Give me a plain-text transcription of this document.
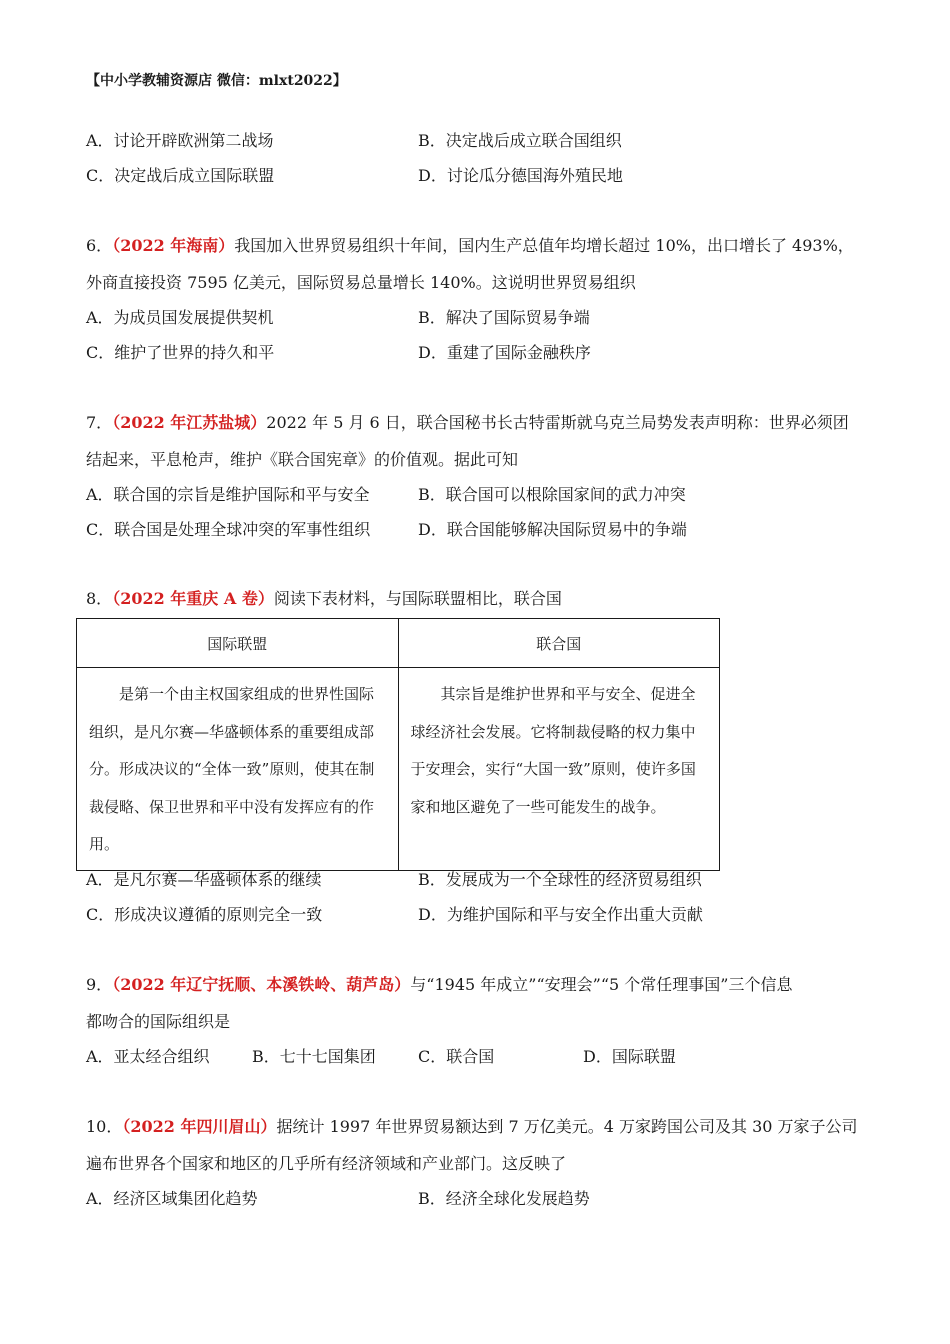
【中小学教辅资源店 微信：mlxt2022】
A．讨论开辟欧洲第二战场	B．决定战后成立联合国组织
C．决定战后成立国际联盟	D．讨论瓜分德国海外殖民地
6．（2022 年海南）我国加入世界贸易组织十年间，国内生产总值年均增长超过 10%，出口增长了 493%，
外商直接投资 7595 亿美元，国际贸易总量增长 140%。这说明世界贸易组织
A．为成员国发展提供契机	B．解决了国际贸易争端
C．维护了世界的持久和平	D．重建了国际金融秩序
7．（2022 年江苏盐城）2022 年 5 月 6 日，联合国秘书长古特雷斯就乌克兰局势发表声明称：世界必须团
结起来，平息枪声，维护《联合国宪章》的价值观。据此可知
A．联合国的宗旨是维护国际和平与安全	B．联合国可以根除国家间的武力冲突
C．联合国是处理全球冲突的军事性组织	D．联合国能够解决国际贸易中的争端
8．（2022 年重庆 A 卷）阅读下表材料，与国际联盟相比，联合国
国际联盟	联合国
是第一个由主权国家组成的世界性国际组织，是凡尔赛—华盛顿体系的重要组成部分。形成决议的“全体一致”原则，使其在制裁侵略、保卫世界和平中没有发挥应有的作用。	其宗旨是维护世界和平与安全、促进全球经济社会发展。它将制裁侵略的权力集中于安理会，实行“大国一致”原则，使许多国家和地区避免了一些可能发生的战争。
A．是凡尔赛—华盛顿体系的继续	B．发展成为一个全球性的经济贸易组织
C．形成决议遵循的原则完全一致	D．为维护国际和平与安全作出重大贡献
9．（2022 年辽宁抚顺、本溪铁岭、葫芦岛）与“1945 年成立”“安理会”“5 个常任理事国”三个信息
都吻合的国际组织是
A．亚太经合组织	B．七十七国集团	C．联合国	D．国际联盟
10．（2022 年四川眉山）据统计 1997 年世界贸易额达到 7 万亿美元。4 万家跨国公司及其 30 万家子公司
遍布世界各个国家和地区的几乎所有经济领域和产业部门。这反映了
A．经济区域集团化趋势	B．经济全球化发展趋势
